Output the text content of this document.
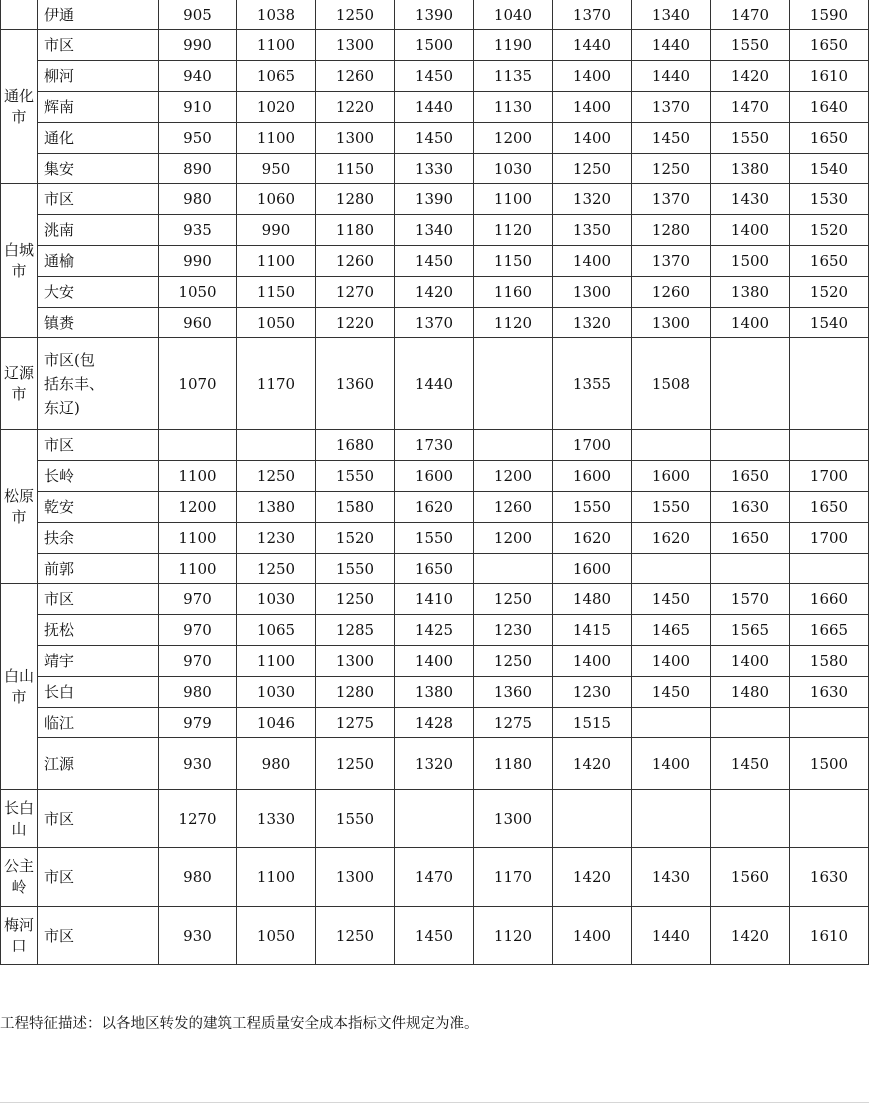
	伊通	905	1038	1250	1390	1040	1370	1340	1470	1590
通化
市	市区	990	1100	1300	1500	1190	1440	1440	1550	1650
	柳河	940	1065	1260	1450	1135	1400	1440	1420	1610
	辉南	910	1020	1220	1440	1130	1400	1370	1470	1640
	通化	950	1100	1300	1450	1200	1400	1450	1550	1650
	集安	890	950	1150	1330	1030	1250	1250	1380	1540
白城
市	市区	980	1060	1280	1390	1100	1320	1370	1430	1530
	洮南	935	990	1180	1340	1120	1350	1280	1400	1520
	通榆	990	1100	1260	1450	1150	1400	1370	1500	1650
	大安	1050	1150	1270	1420	1160	1300	1260	1380	1520
	镇赉	960	1050	1220	1370	1120	1320	1300	1400	1540
辽源
市	市区(包
括东丰、
东辽)	1070	1170	1360	1440		1355	1508		
松原
市	市区			1680	1730		1700			
	长岭	1100	1250	1550	1600	1200	1600	1600	1650	1700
	乾安	1200	1380	1580	1620	1260	1550	1550	1630	1650
	扶余	1100	1230	1520	1550	1200	1620	1620	1650	1700
	前郭	1100	1250	1550	1650		1600			
白山
市	市区	970	1030	1250	1410	1250	1480	1450	1570	1660
	抚松	970	1065	1285	1425	1230	1415	1465	1565	1665
	靖宇	970	1100	1300	1400	1250	1400	1400	1400	1580
	长白	980	1030	1280	1380	1360	1230	1450	1480	1630
	临江	979	1046	1275	1428	1275	1515			
	江源	930	980	1250	1320	1180	1420	1400	1450	1500
长白
山	市区	1270	1330	1550		1300				
公主
岭	市区	980	1100	1300	1470	1170	1420	1430	1560	1630
梅河
口	市区	930	1050	1250	1450	1120	1400	1440	1420	1610
工程特征描述：以各地区转发的建筑工程质量安全成本指标文件规定为准。
